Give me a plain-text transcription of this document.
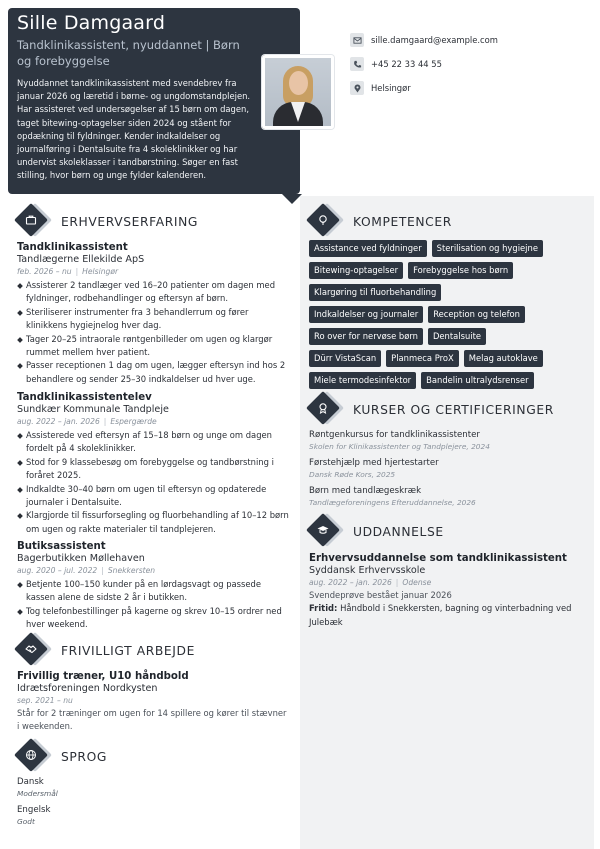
Sille Damgaard
Tandklinikassistent, nyuddannet | Børn og forebyggelse
Nyuddannet tandklinikassistent med svendebrev fra januar 2026 og læretid i børne- og ungdomstandplejen. Har assisteret ved undersøgelser af 15 børn om dagen, taget bitewing-optagelser siden 2024 og ståent for opdækning til fyldninger. Kender indkaldelser og journalføring i Dentalsuite fra 4 skoleklinikker og har undervist skoleklasser i tandbørstning. Søger en fast stilling, hvor børn og unge fylder kalenderen.
sille.damgaard@example.com
+45 22 33 44 55
Helsingør
ERHVERVSERFARING
Tandklinikassistent
Tandlægerne Ellekilde ApS
feb. 2026 – nu | Helsingør
Assisterer 2 tandlæger ved 16–20 patienter om dagen med fyldninger, rodbehandlinger og eftersyn af børn.
Steriliserer instrumenter fra 3 behandlerrum og fører klinikkens hygiejnelog hver dag.
Tager 20–25 intraorale røntgenbilleder om ugen og klargør rummet mellem hver patient.
Passer receptionen 1 dag om ugen, lægger eftersyn ind hos 2 behandlere og sender 25–30 indkaldelser ud hver uge.
Tandklinikassistentelev
Sundkær Kommunale Tandpleje
aug. 2022 – jan. 2026 | Espergærde
Assisterede ved eftersyn af 15–18 børn og unge om dagen fordelt på 4 skoleklinikker.
Stod for 9 klassebesøg om forebyggelse og tandbørstning i foråret 2025.
Indkaldte 30–40 børn om ugen til eftersyn og opdaterede journaler i Dentalsuite.
Klargjorde til fissurforsegling og fluorbehandling af 10–12 børn om ugen og rakte materialer til tandplejeren.
Butiksassistent
Bagerbutikken Møllehaven
aug. 2020 – jul. 2022 | Snekkersten
Betjente 100–150 kunder på en lørdagsvagt og passede kassen alene de sidste 2 år i butikken.
Tog telefonbestillinger på kagerne og skrev 10–15 ordrer ned hver weekend.
FRIVILLIGT ARBEJDE
Frivillig træner, U10 håndbold
Idrætsforeningen Nordkysten
sep. 2021 – nu
Står for 2 træninger om ugen for 14 spillere og kører til stævner i weekenden.
SPROG
Dansk
Modersmål
Engelsk
Godt
KOMPETENCER
Assistance ved fyldninger	Sterilisation og hygiejne
Bitewing-optagelser	Forebyggelse hos børn
Klargøring til fluorbehandling
Indkaldelser og journaler	Reception og telefon
Ro over for nervøse børn	Dentalsuite
Dürr VistaScan	Planmeca ProX	Melag autoklave
Miele termodesinfektor	Bandelin ultralydsrenser
KURSER OG CERTIFICERINGER
Røntgenkursus for tandklinikassistenter
Skolen for Klinikassistenter og Tandplejere, 2024
Førstehjælp med hjertestarter
Dansk Røde Kors, 2025
Børn med tandlægeskræk
Tandlægeforeningens Efteruddannelse, 2026
UDDANNELSE
Erhvervsuddannelse som tandklinikassistent
Syddansk Erhvervsskole
aug. 2022 – jan. 2026 | Odense
Svendeprøve bestået januar 2026
Fritid: Håndbold i Snekkersten, bagning og vinterbadning ved Julebæk
